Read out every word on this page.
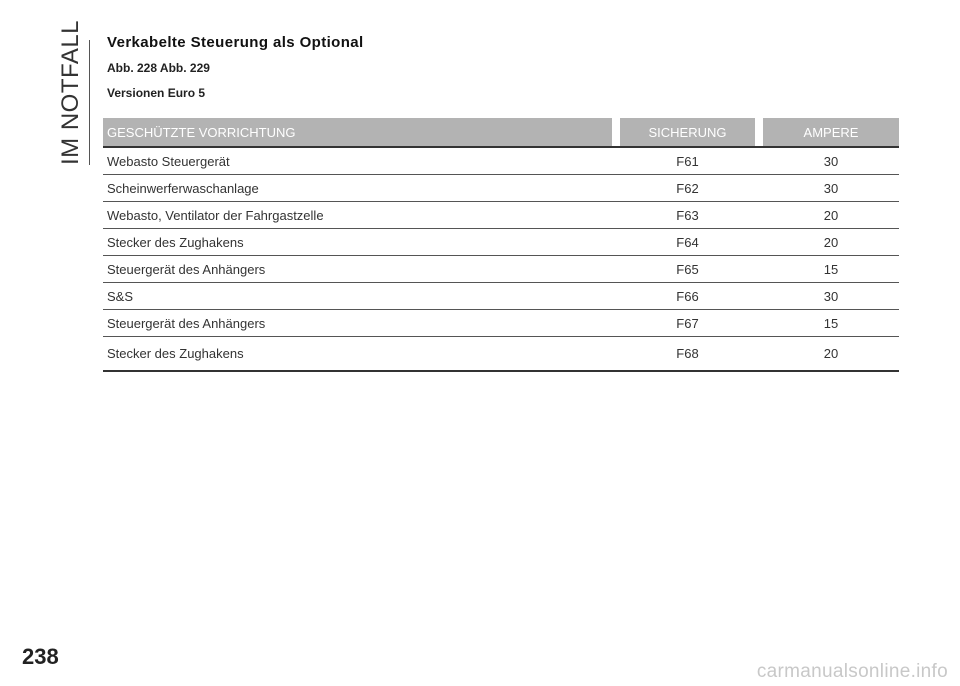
IM NOTFALL Verkabelte Steuerung als Optional
Abb. 228 Abb. 229
Versionen Euro 5
GESCHÜTZTE VORRICHTUNG		SICHERUNG		AMPERE
Webasto Steuergerät		F61		30
Scheinwerferwaschanlage		F62		30
Webasto, Ventilator der Fahrgastzelle		F63		20
Stecker des Zughakens		F64		20
Steuergerät des Anhängers		F65		15
S&S		F66		30
Steuergerät des Anhängers		F67		15
Stecker des Zughakens		F68		20
238
carmanualsonline.info
